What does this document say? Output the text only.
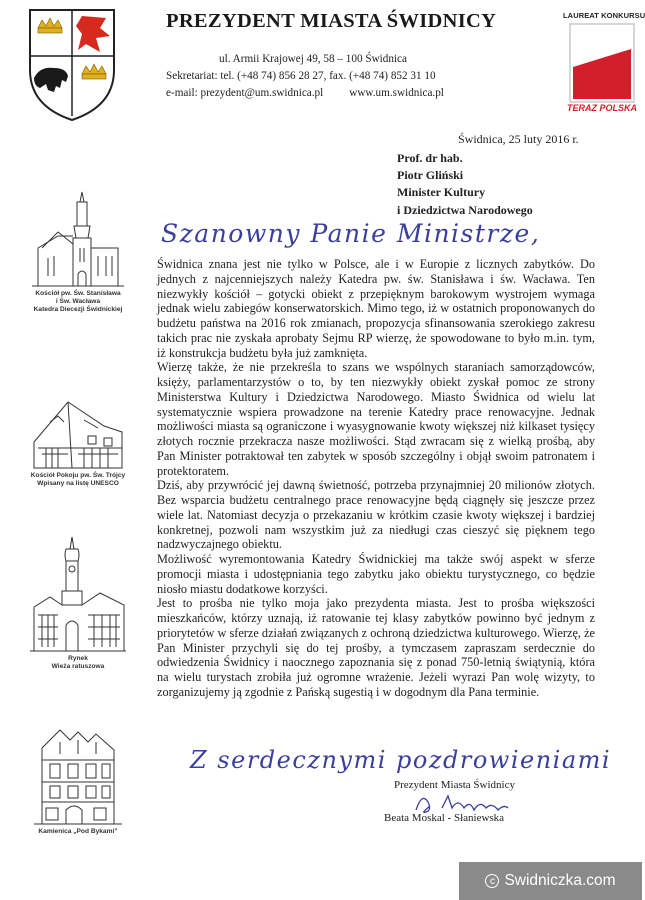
PREZYDENT MIASTA ŚWIDNICY
ul. Armii Krajowej 49, 58 – 100 Świdnica
Sekretariat: tel. (+48 74) 856 28 27, fax. (+48 74) 852 31 10
e-mail: prezydent@um.swidnica.pl www.um.swidnica.pl
LAUREAT KONKURSU
TERAZ POLSKA
Świdnica, 25 luty 2016 r.
Prof. dr hab.
Piotr Gliński
Minister Kultury
i Dziedzictwa Narodowego
Szanowny Panie Ministrze,

Świdnica znana jest nie tylko w Polsce, ale i w Europie z licznych zabytków. Do jednych z najcenniejszych należy Katedra pw. św. Stanisława i św. Wacława. Ten niezwykły kościół – gotycki obiekt z przepięknym barokowym wystrojem wymaga jednak wielu zabiegów konserwatorskich. Mimo tego, iż w ostatnich proponowanych do budżetu państwa na 2016 rok zmianach, propozycja sfinansowania szerokiego zakresu takich prac nie zyskała aprobaty Sejmu RP wierzę, że spowodowane to było m.in. tym, iż konstrukcja budżetu była już zamknięta.

Wierzę także, że nie przekreśla to szans we wspólnych staraniach samorządowców, księży, parlamentarzystów o to, by ten niezwykły obiekt zyskał pomoc ze strony Ministerstwa Kultury i Dziedzictwa Narodowego. Miasto Świdnica od wielu lat systematycznie wspiera prowadzone na terenie Katedry prace renowacyjne. Jednak możliwości miasta są ograniczone i wyasygnowanie kwoty większej niż kilkaset tysięcy złotych rocznie przekracza nasze możliwości. Stąd zwracam się z wielką prośbą, aby Pan Minister potraktował ten zabytek w sposób szczególny i objął swoim patronatem i protektoratem.

Dziś, aby przywrócić jej dawną świetność, potrzeba przynajmniej 20 milionów złotych. Bez wsparcia budżetu centralnego prace renowacyjne będą ciągnęły się jeszcze przez wiele lat. Natomiast decyzja o przekazaniu w krótkim czasie kwoty większej i bardziej konkretnej, pozwoli nam wszystkim już za niedługi czas cieszyć się pięknem tego nadzwyczajnego obiektu.

Możliwość wyremontowania Katedry Świdnickiej ma także swój aspekt w sferze promocji miasta i udostępniania tego zabytku jako obiektu turystycznego, co będzie niosło miastu dodatkowe korzyści.

Jest to prośba nie tylko moja jako prezydenta miasta. Jest to prośba większości mieszkańców, którzy uznają, iż ratowanie tej klasy zabytków powinno być jednym z priorytetów w sferze działań związanych z ochroną dziedzictwa kulturowego. Wierzę, że Pan Minister przychyli się do tej prośby, a tymczasem zapraszam serdecznie do odwiedzenia Świdnicy i naocznego zapoznania się z ponad 750-letnią świątynią, która na wielu turystach zrobiła już ogromne wrażenie. Jeżeli wyrazi Pan wolę wizyty, to zorganizujemy ją zgodnie z Pańską sugestią i w dogodnym dla Pana terminie.

Z serdecznymi pozdrowieniami
Prezydent Miasta Świdnicy
Beata Moskal - Słaniewska
Kościół pw. Św. Stanisława
i Św. Wacława
Katedra Diecezji Świdnickiej
Kościół Pokoju pw. Św. Trójcy
Wpisany na listę UNESCO
Rynek
Wieża ratuszowa
Kamienica „Pod Bykami”
c Swidniczka.com
